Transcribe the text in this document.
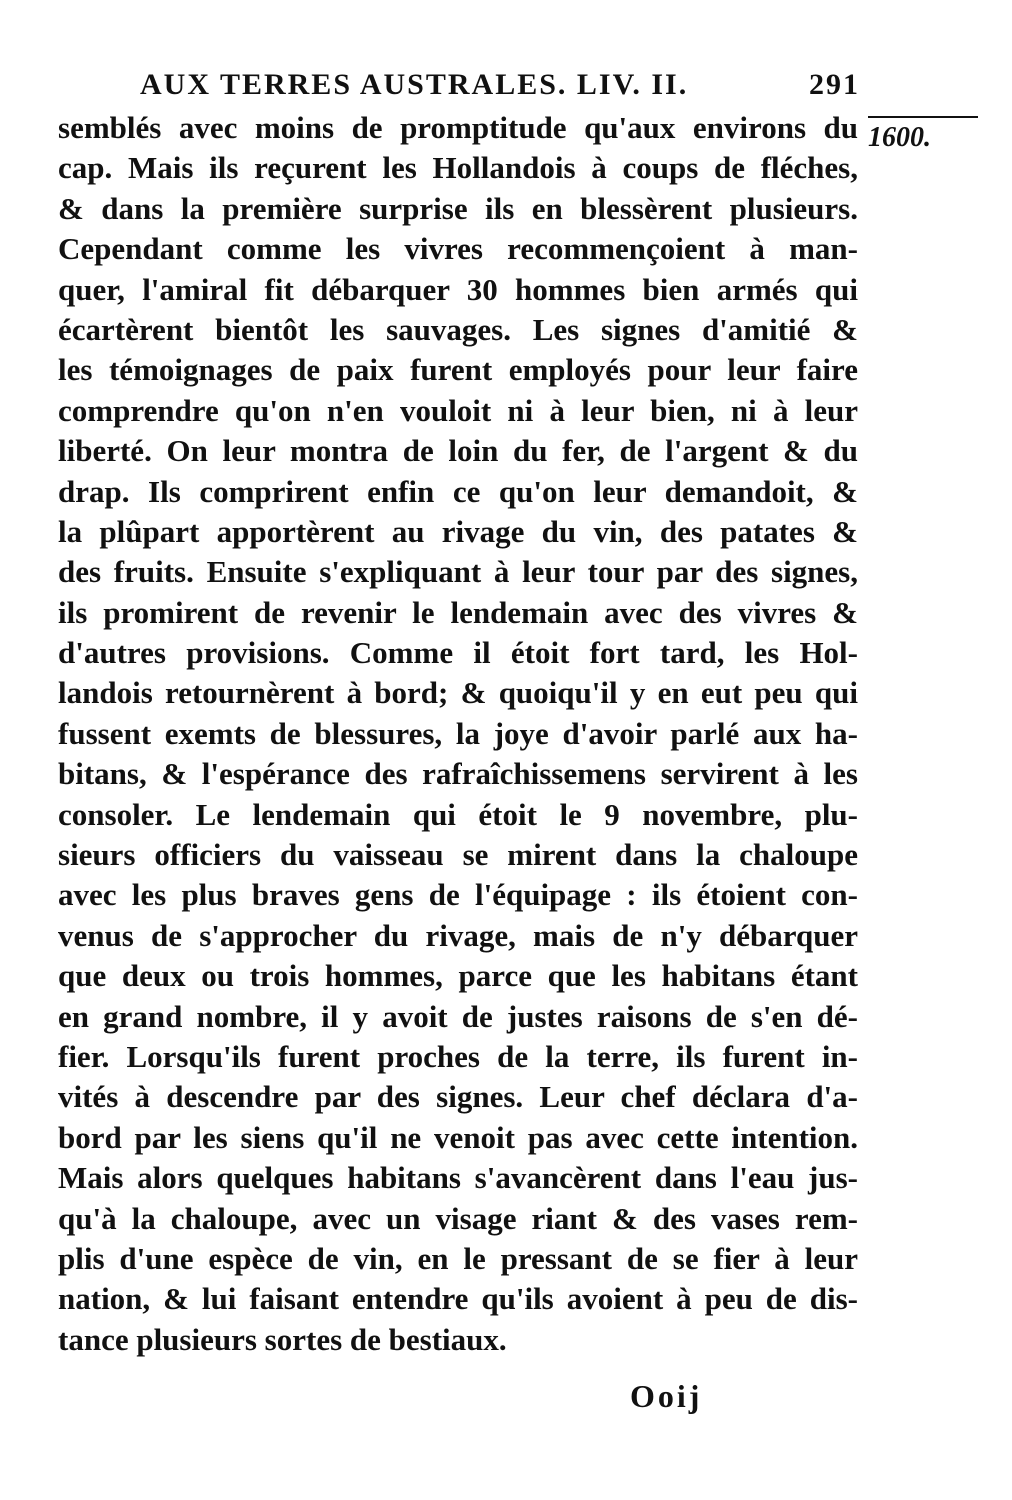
AUX TERRES AUSTRALES. LIV. II.	291
1600.
semblés avec moins de promptitude qu'aux environs du
cap. Mais ils reçurent les Hollandois à coups de fléches,
& dans la première surprise ils en blessèrent plusieurs.
Cependant comme les vivres recommençoient à man-
quer, l'amiral fit débarquer 30 hommes bien armés qui
écartèrent bientôt les sauvages. Les signes d'amitié &
les témoignages de paix furent employés pour leur faire
comprendre qu'on n'en vouloit ni à leur bien, ni à leur
liberté. On leur montra de loin du fer, de l'argent & du
drap. Ils comprirent enfin ce qu'on leur demandoit, &
la plûpart apportèrent au rivage du vin, des patates &
des fruits. Ensuite s'expliquant à leur tour par des signes,
ils promirent de revenir le lendemain avec des vivres &
d'autres provisions. Comme il étoit fort tard, les Hol-
landois retournèrent à bord; & quoiqu'il y en eut peu qui
fussent exemts de blessures, la joye d'avoir parlé aux ha-
bitans, & l'espérance des rafraîchissemens servirent à les
consoler. Le lendemain qui étoit le 9 novembre, plu-
sieurs officiers du vaisseau se mirent dans la chaloupe
avec les plus braves gens de l'équipage : ils étoient con-
venus de s'approcher du rivage, mais de n'y débarquer
que deux ou trois hommes, parce que les habitans étant
en grand nombre, il y avoit de justes raisons de s'en dé-
fier. Lorsqu'ils furent proches de la terre, ils furent in-
vités à descendre par des signes. Leur chef déclara d'a-
bord par les siens qu'il ne venoit pas avec cette intention.
Mais alors quelques habitans s'avancèrent dans l'eau jus-
qu'à la chaloupe, avec un visage riant & des vases rem-
plis d'une espèce de vin, en le pressant de se fier à leur
nation, & lui faisant entendre qu'ils avoient à peu de dis-
tance plusieurs sortes de bestiaux.
Ooij
